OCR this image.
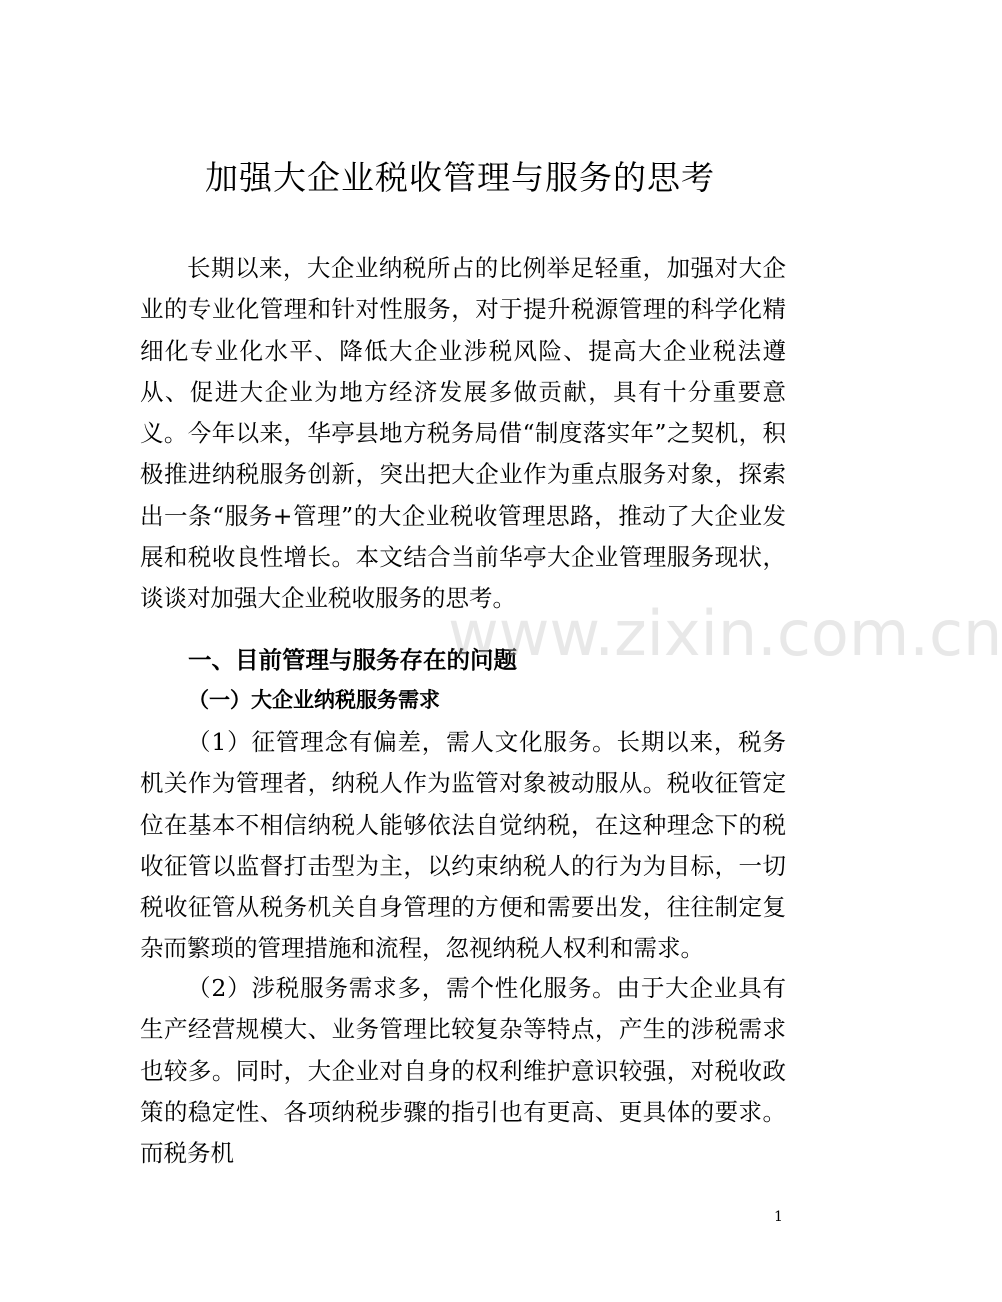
加强大企业税收管理与服务的思考

长期以来，大企业纳税所占的比例举足轻重，加强对大企业的专业化管理和针对性服务，对于提升税源管理的科学化精细化专业化水平、降低大企业涉税风险、提高大企业税法遵从、促进大企业为地方经济发展多做贡献，具有十分重要意义。今年以来，华亭县地方税务局借“制度落实年”之契机，积极推进纳税服务创新，突出把大企业作为重点服务对象，探索出一条“服务+管理”的大企业税收管理思路，推动了大企业发展和税收良性增长。本文结合当前华亭大企业管理服务现状，谈谈对加强大企业税收服务的思考。

一、目前管理与服务存在的问题
（一）大企业纳税服务需求

（1）征管理念有偏差，需人文化服务。长期以来，税务机关作为管理者，纳税人作为监管对象被动服从。税收征管定位在基本不相信纳税人能够依法自觉纳税，在这种理念下的税收征管以监督打击型为主，以约束纳税人的行为为目标，一切税收征管从税务机关自身管理的方便和需要出发，往往制定复杂而繁琐的管理措施和流程，忽视纳税人权利和需求。

（2）涉税服务需求多，需个性化服务。由于大企业具有生产经营规模大、业务管理比较复杂等特点，产生的涉税需求也较多。同时，大企业对自身的权利维护意识较强，对税收政策的稳定性、各项纳税步骤的指引也有更高、更具体的要求。而税务机

www.zixin.com.cn
1
